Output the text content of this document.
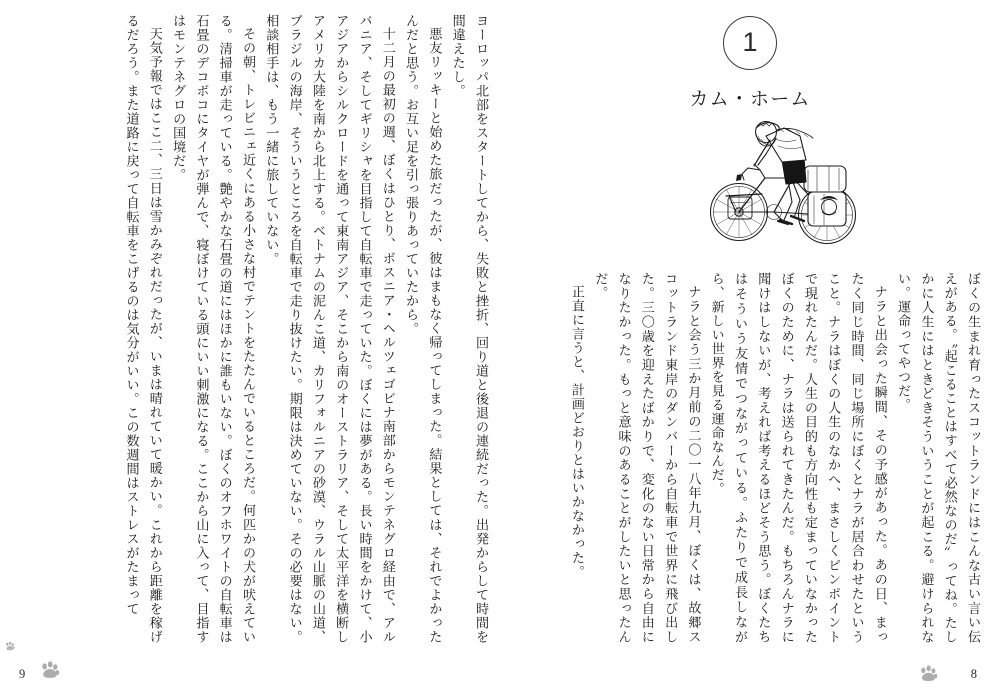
1
カム・ホーム

ぼくの生まれ育ったスコットランドにはこんな古い言い伝えがある。〝起こることはすべて必然なのだ〟ってね。たしかに人生にはときどきそういうことが起こる。避けられない。運命ってやつだ。

ナラと出会った瞬間、その予感があった。あの日、まったく同じ時間、同じ場所にぼくとナラが居合わせたということ。ナラはぼくの人生のなかへ、まさしくピンポイントで現れたんだ。人生の目的も方向性も定まっていなかったぼくのために、ナラは送られてきたんだ。もちろんナラに聞けはしないが、考えれば考えるほどそう思う。ぼくたちはそういう友情でつながっている。ふたりで成長しながら、新しい世界を見る運命なんだ。

ナラと会う三か月前の二〇一八年九月、ぼくは、故郷スコットランド東岸のダンバーから自転車で世界に飛び出した。三〇歳を迎えたばかりで、変化のない日常から自由になりたかった。もっと意味のあることがしたいと思ったんだ。

正直に言うと、計画どおりとはいかなかった。

ヨーロッパ北部をスタートしてから、失敗と挫折、回り道と後退の連続だった。出発からして時間を間違えたし。

悪友リッキーと始めた旅だったが、彼はまもなく帰ってしまった。結果としては、それでよかったんだと思う。お互い足を引っ張りあっていたから。

十二月の最初の週、ぼくはひとり、ボスニア・ヘルツェゴビナ南部からモンテネグロ経由で、アルバニア、そしてギリシャを目指して自転車で走っていた。ぼくには夢がある。長い時間をかけて、小アジアからシルクロードを通って東南アジア、そこから南のオーストラリア、そして太平洋を横断しアメリカ大陸を南から北上する。ベトナムの泥んこ道、カリフォルニアの砂漠、ウラル山脈の山道、ブラジルの海岸、そういうところを自転車で走り抜けたい。期限は決めていない。その必要はない。相談相手は、もう一緒に旅していない。

その朝、トレビニェ近くにある小さな村でテントをたたんでいるところだ。何匹かの犬が吠えている。清掃車が走っている。艶やかな石畳の道にはほかに誰もいない。ぼくのオフホワイトの自転車は石畳のデコボコにタイヤが弾んで、寝ぼけている頭にいい刺激になる。ここから山に入って、目指すはモンテネグロの国境だ。

天気予報ではここ二、三日は雪かみぞれだったが、いまは晴れていて暖かい。これから距離を稼げるだろう。また道路に戻って自転車をこげるのは気分がいい。この数週間はストレスがたまって

9	8
